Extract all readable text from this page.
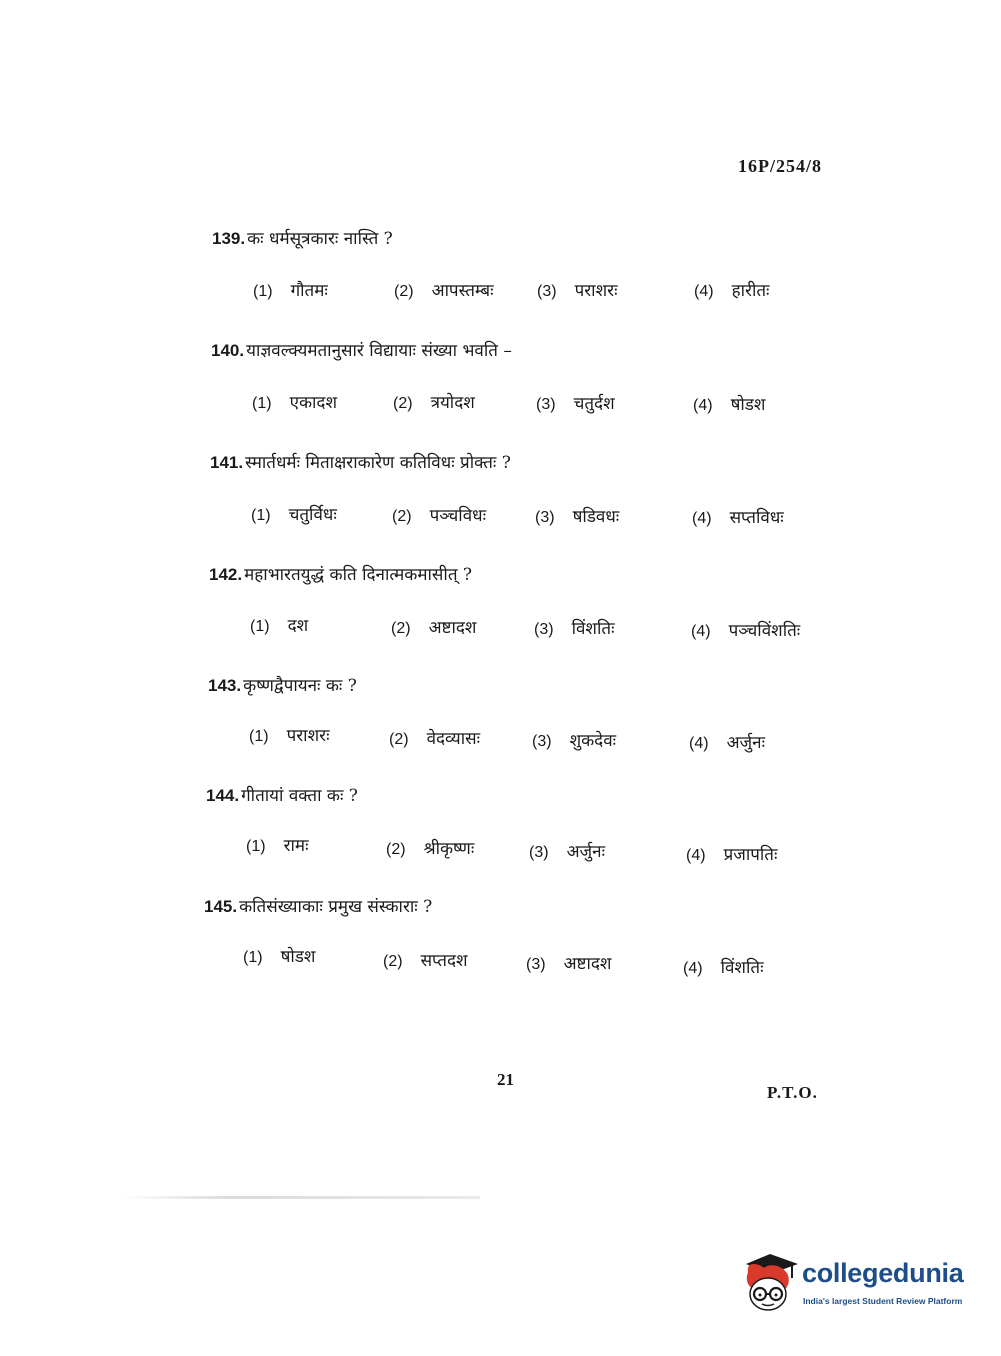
16P/254/8
139. कः धर्मसूत्रकारः नास्ति ?
(1) गौतमः	(2) आपस्तम्बः	(3) पराशरः	(4) हारीतः
140. याज्ञवल्क्यमतानुसारं विद्यायाः संख्या भवति –
(1) एकादश	(2) त्रयोदश	(3) चतुर्दश	(4) षोडश
141. स्मार्तधर्मः मिताक्षराकारेण कतिविधः प्रोक्तः ?
(1) चतुर्विधः	(2) पञ्चविधः	(3) षडिवधः	(4) सप्तविधः
142. महाभारतयुद्धं कति दिनात्मकमासीत् ?
(1) दश	(2) अष्टादश	(3) विंशतिः	(4) पञ्चविंशतिः
143. कृष्णद्वैपायनः कः ?
(1) पराशरः	(2) वेदव्यासः	(3) शुकदेवः	(4) अर्जुनः
144. गीतायां वक्ता कः ?
(1) रामः	(2) श्रीकृष्णः	(3) अर्जुनः	(4) प्रजापतिः
145. कतिसंख्याकाः प्रमुख संस्काराः ?
(1) षोडश	(2) सप्तदश	(3) अष्टादश	(4) विंशतिः
21
P.T.O.
collegedunia
India's largest Student Review Platform
